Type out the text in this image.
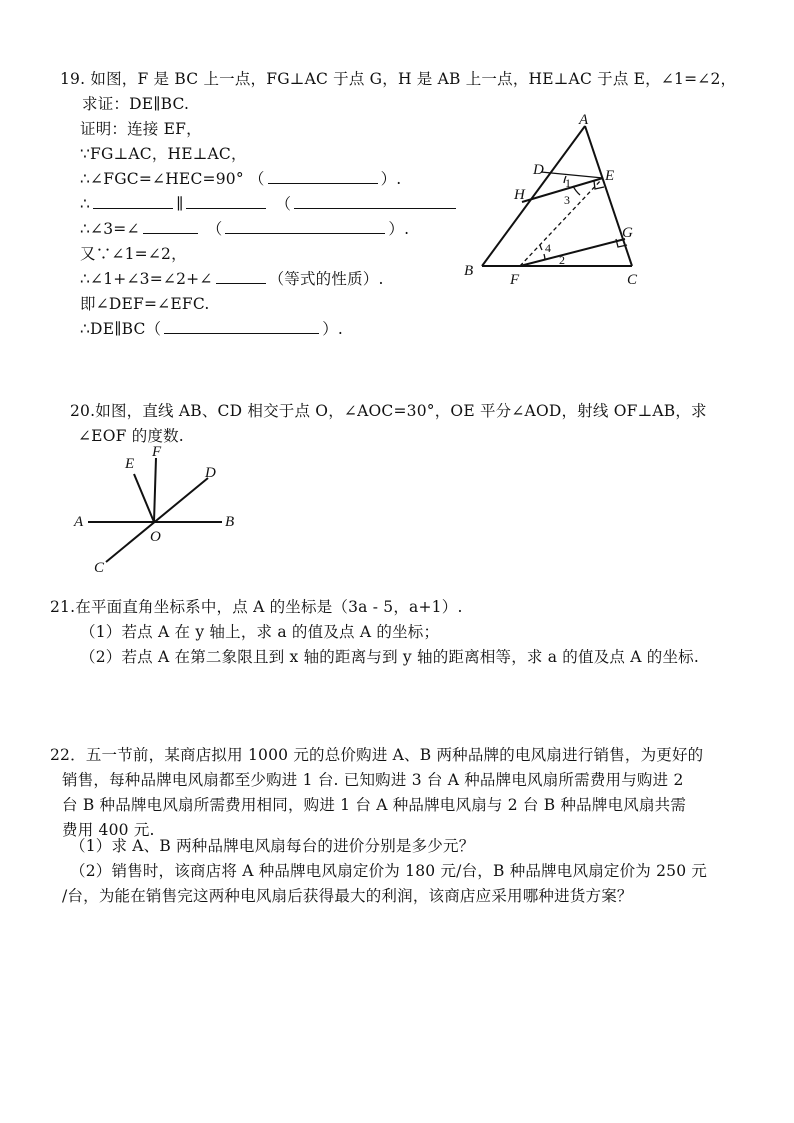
19. 如图，F 是 BC 上一点，FG⊥AC 于点 G，H 是 AB 上一点，HE⊥AC 于点 E，∠1=∠2，
求证：DE∥BC.
证明：连接 EF，
∵FG⊥AC，HE⊥AC，
∴∠FGC=∠HEC=90° （	）.
∴	∥	（
∴∠3=∠	（	）.
又∵∠1=∠2，
∴∠1+∠3=∠2+∠	（等式的性质）.
即∠DEF=∠EFC.
∴DE∥BC（	）.
A
B
C
D	E
F
G
H
1
2
3
4
20.如图，直线 AB、CD 相交于点 O，∠AOC=30°，OE 平分∠AOD，射线 OF⊥AB，求
∠EOF 的度数.
A	B
C
D
E
F
O
21.在平面直角坐标系中，点 A 的坐标是（3a - 5，a+1）.
（1）若点 A 在 y 轴上，求 a 的值及点 A 的坐标；
（2）若点 A 在第二象限且到 x 轴的距离与到 y 轴的距离相等，求 a 的值及点 A 的坐标.
22．五一节前，某商店拟用 1000 元的总价购进 A、B 两种品牌的电风扇进行销售，为更好的
销售，每种品牌电风扇都至少购进 1 台. 已知购进 3 台 A 种品牌电风扇所需费用与购进 2
台 B 种品牌电风扇所需费用相同，购进 1 台 A 种品牌电风扇与 2 台 B 种品牌电风扇共需
费用 400 元.
（1）求 A、B 两种品牌电风扇每台的进价分别是多少元？
（2）销售时，该商店将 A 种品牌电风扇定价为 180 元/台，B 种品牌电风扇定价为 250 元
/台，为能在销售完这两种电风扇后获得最大的利润，该商店应采用哪种进货方案？
